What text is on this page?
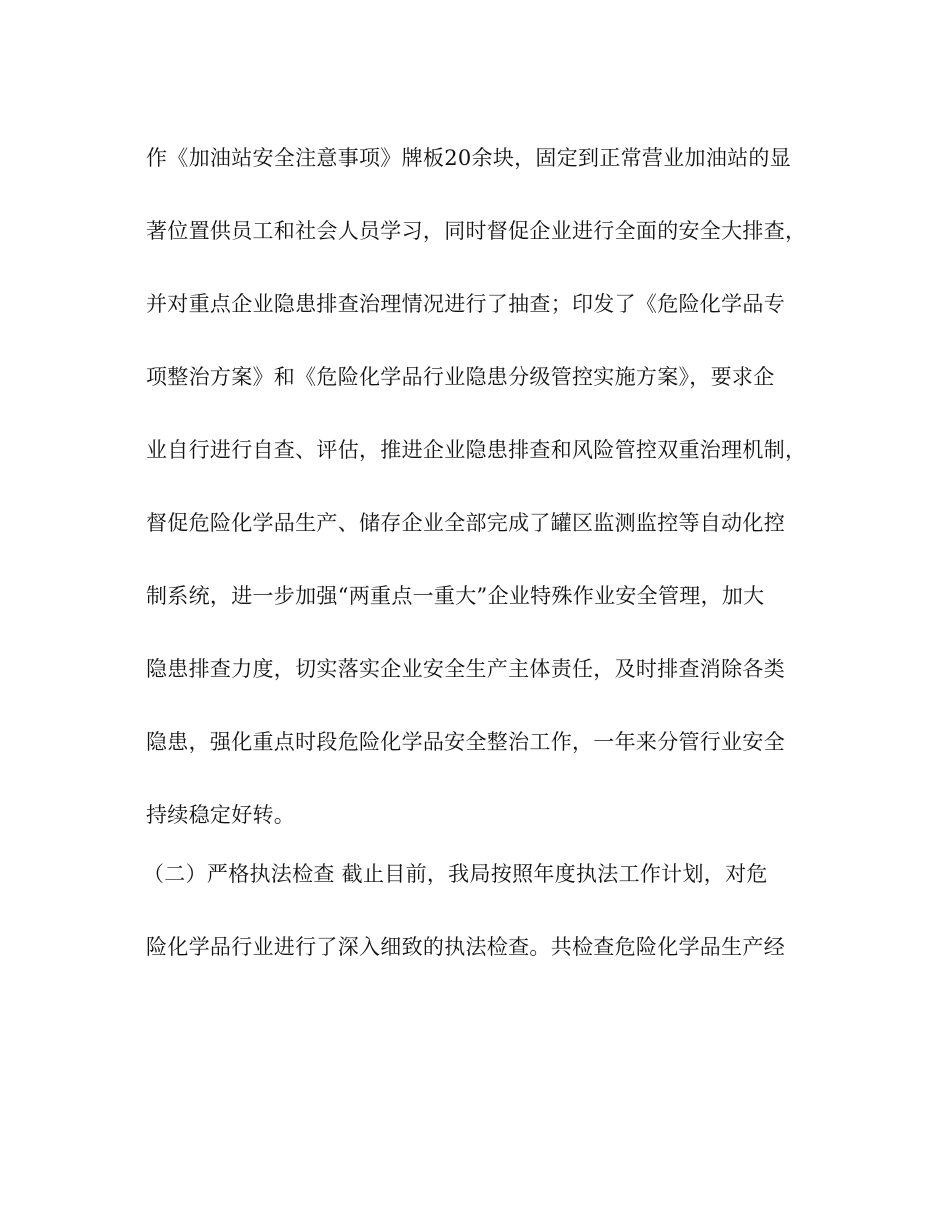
作《加油站安全注意事项》牌板20余块，固定到正常营业加油站的显
著位置供员工和社会人员学习，同时督促企业进行全面的安全大排查，
并对重点企业隐患排查治理情况进行了抽查；印发了《危险化学品专
项整治方案》和《危险化学品行业隐患分级管控实施方案》，要求企
业自行进行自查、评估，推进企业隐患排查和风险管控双重治理机制，
督促危险化学品生产、储存企业全部完成了罐区监测监控等自动化控
制系统，进一步加强“两重点一重大”企业特殊作业安全管理，加大
隐患排查力度，切实落实企业安全生产主体责任，及时排查消除各类
隐患，强化重点时段危险化学品安全整治工作，一年来分管行业安全
持续稳定好转。
（二）严格执法检查 截止目前，我局按照年度执法工作计划，对危
险化学品行业进行了深入细致的执法检查。共检查危险化学品生产经
